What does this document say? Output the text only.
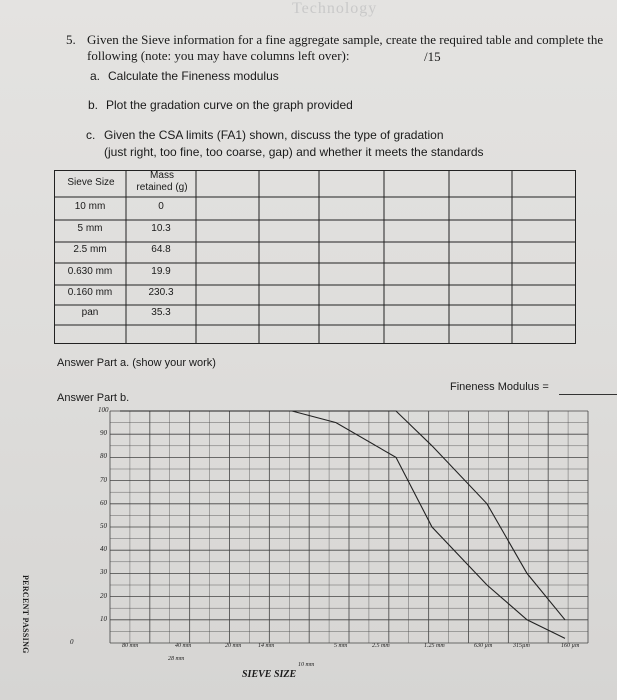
Technology
5. Given the Sieve information for a fine aggregate sample, create the required table and complete the
following (note: you may have columns left over):	/15
a. Calculate the Fineness modulus
b. Plot the gradation curve on the graph provided
c. Given the CSA limits (FA1) shown, discuss the type of gradation
(just right, too fine, too coarse, gap) and whether it meets the standards
Sieve Size
Mass
retained (g)
10 mm	0
5 mm	10.3
2.5 mm	64.8
0.630 mm	19.9
0.160 mm	230.3
pan	35.3
Answer Part a. (show your work)
Fineness Modulus =
Answer Part b.
100
90
80
70
60
50
40
30
20
10
0
PERCENT PASSING	80 mm	40 mm	20 mm	14 mm	5 mm	2.5 mm	1.25 mm	630 µm	315µm	160 µm
28 mm
10 mm
SIEVE SIZE
